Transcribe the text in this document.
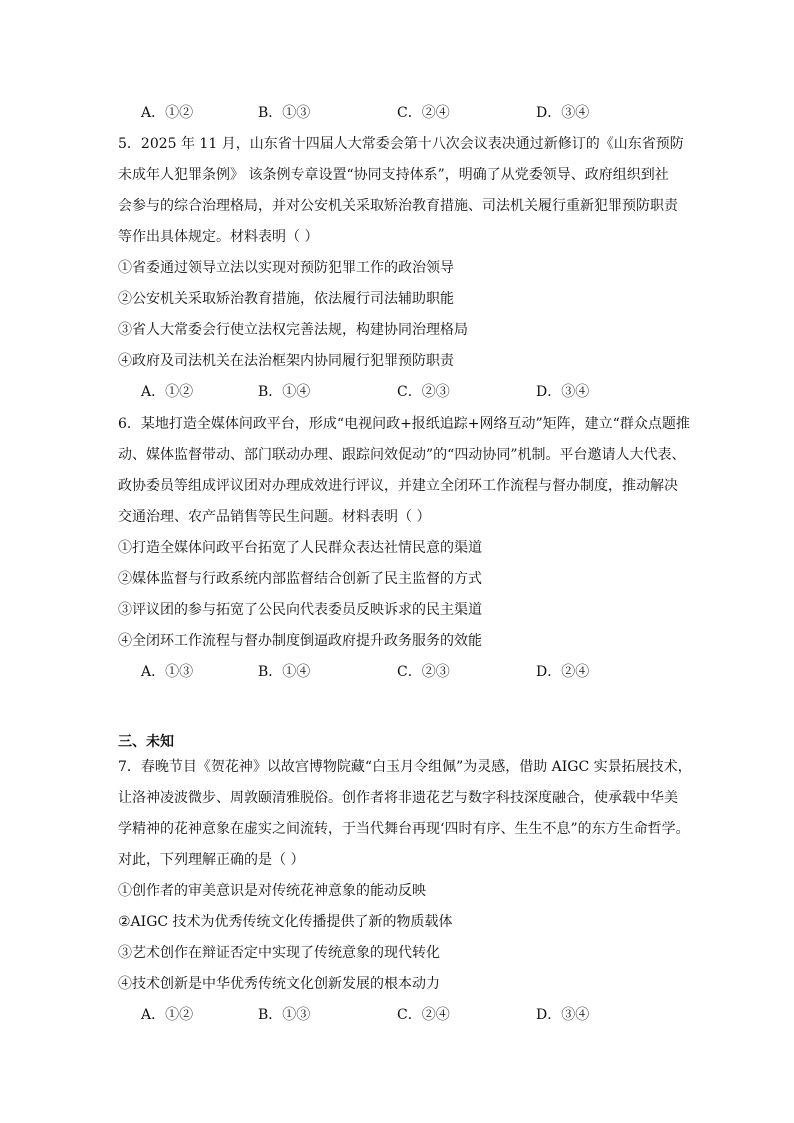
A．①②	B．①③	C．②④	D．③④
5．2025 年 11 月，山东省十四届人大常委会第十八次会议表决通过新修订的《山东省预防
未成年人犯罪条例》 该条例专章设置“协同支持体系”，明确了从党委领导、政府组织到社
会参与的综合治理格局，并对公安机关采取矫治教育措施、司法机关履行重新犯罪预防职责
等作出具体规定。材料表明（ ）
①省委通过领导立法以实现对预防犯罪工作的政治领导
②公安机关采取矫治教育措施，依法履行司法辅助职能
③省人大常委会行使立法权完善法规，构建协同治理格局
④政府及司法机关在法治框架内协同履行犯罪预防职责
A．①②	B．①④	C．②③	D．③④
6．某地打造全媒体问政平台，形成“电视问政+报纸追踪+网络互动”矩阵，建立“群众点题推
动、媒体监督带动、部门联动办理、跟踪问效促动”的“四动协同”机制。平台邀请人大代表、
政协委员等组成评议团对办理成效进行评议，并建立全闭环工作流程与督办制度，推动解决
交通治理、农产品销售等民生问题。材料表明（ ）
①打造全媒体问政平台拓宽了人民群众表达社情民意的渠道
②媒体监督与行政系统内部监督结合创新了民主监督的方式
③评议团的参与拓宽了公民向代表委员反映诉求的民主渠道
④全闭环工作流程与督办制度倒逼政府提升政务服务的效能
A．①③	B．①④	C．②③	D．②④
三、未知
7．春晚节目《贺花神》以故宫博物院藏“白玉月令组佩”为灵感，借助 AIGC 实景拓展技术，
让洛神凌波微步、周敦颐清雅脱俗。创作者将非遗花艺与数字科技深度融合，使承载中华美
学精神的花神意象在虚实之间流转，于当代舞台再现‘四时有序、生生不息”的东方生命哲学。
对此，下列理解正确的是（ ）
①创作者的审美意识是对传统花神意象的能动反映
②AIGC 技术为优秀传统文化传播提供了新的物质载体
③艺术创作在辩证否定中实现了传统意象的现代转化
④技术创新是中华优秀传统文化创新发展的根本动力
A．①②	B．①③	C．②④	D．③④
